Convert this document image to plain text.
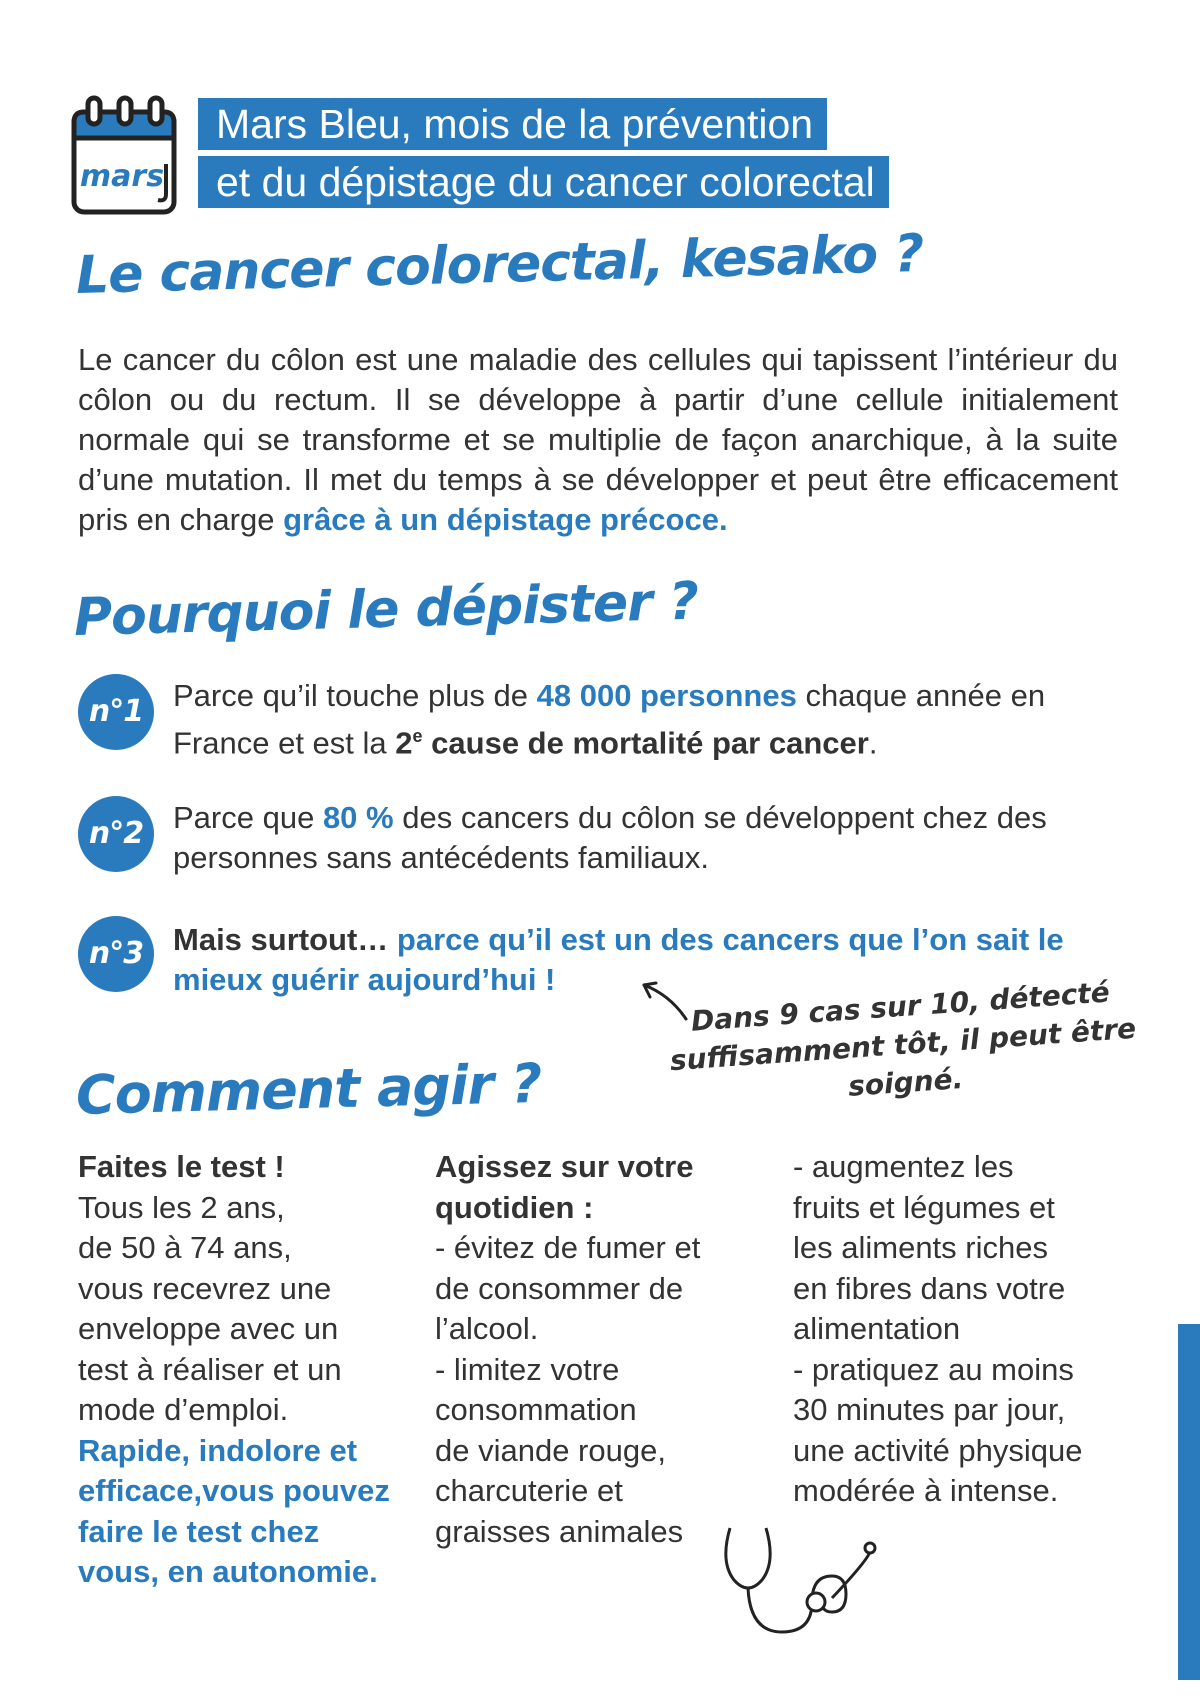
mars
Mars Bleu, mois de la prévention
et du dépistage du cancer colorectal
Le cancer colorectal, kesako ?
Le cancer du côlon est une maladie des cellules qui tapissent l’intérieur du côlon ou du rectum. Il se développe à partir d’une cellule initialement normale qui se transforme et se multiplie de façon anarchique, à la suite d’une mutation. Il met du temps à se développer et peut être efficacement pris en charge grâce à un dépistage précoce.
Pourquoi le dépister ?
n°1 Parce qu’il touche plus de 48 000 personnes chaque année en France et est la 2e cause de mortalité par cancer.
n°2 Parce que 80 % des cancers du côlon se développent chez des personnes sans antécédents familiaux.
n°3 Mais surtout… parce qu’il est un des cancers que l’on sait le mieux guérir aujourd’hui !	Dans 9 cas sur 10, détecté suffisamment tôt, il peut être soigné.
Comment agir ?
Faites le test !
Tous les 2 ans,
de 50 à 74 ans,
vous recevrez une
enveloppe avec un
test à réaliser et un
mode d’emploi.
Rapide, indolore et
efficace,vous pouvez
faire le test chez
vous, en autonomie.
Agissez sur votre
quotidien :
- évitez de fumer et
de consommer de
l’alcool.
- limitez votre
consommation
de viande rouge,
charcuterie et
graisses animales
- augmentez les
fruits et légumes et
les aliments riches
en fibres dans votre
alimentation
- pratiquez au moins
30 minutes par jour,
une activité physique
modérée à intense.
